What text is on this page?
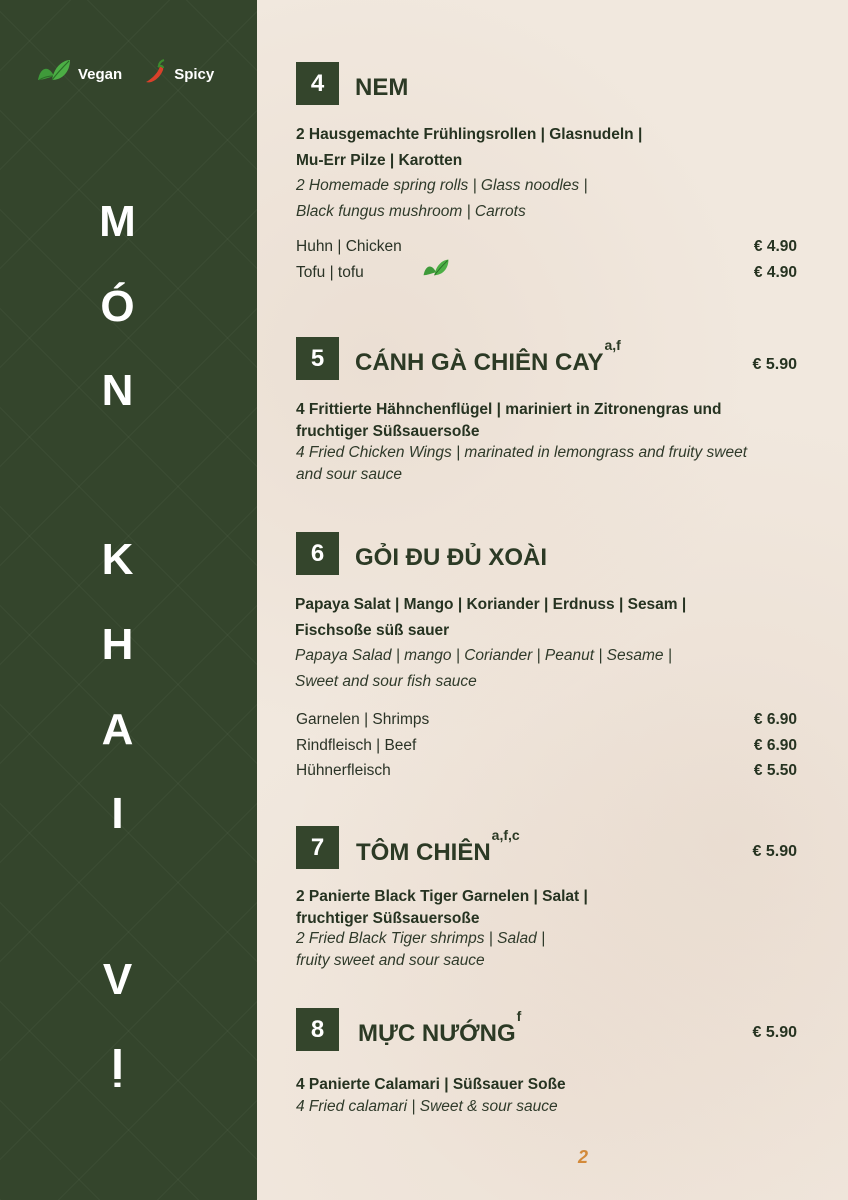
Vegan	Spicy
M
Ó
N
K
H
A
I
V
Ị
4	NEM
2 Hausgemachte Frühlingsrollen | Glasnudeln |
Mu-Err Pilze | Karotten
2 Homemade spring rolls | Glass noodles |
Black fungus mushroom | Carrots
Huhn | Chicken	€ 4.90
Tofu | tofu	€ 4.90
5	CÁNH GÀ CHIÊN CAY$^{a,f}$
€ 5.90
4 Frittierte Hähnchenflügel | mariniert in Zitronengras und
fruchtiger Süßsauersoße
4 Fried Chicken Wings | marinated in lemongrass and fruity sweet
and sour sauce
6	GỎI ĐU ĐỦ XOÀI
Papaya Salat | Mango | Koriander | Erdnuss | Sesam |
Fischsoße süß sauer
Papaya Salad | mango | Coriander | Peanut | Sesame |
Sweet and sour fish sauce
Garnelen | Shrimps	€ 6.90
Rindfleisch | Beef	€ 6.90
Hühnerfleisch	€ 5.50
7	TÔM CHIÊN$^{a,f,c}$
€ 5.90
2 Panierte Black Tiger Garnelen | Salat |
fruchtiger Süßsauersoße
2 Fried Black Tiger shrimps | Salad |
fruity sweet and sour sauce
8	MỰC NƯỚNG$^f$
€ 5.90
4 Panierte Calamari | Süßsauer Soße
4 Fried calamari | Sweet & sour sauce
2
